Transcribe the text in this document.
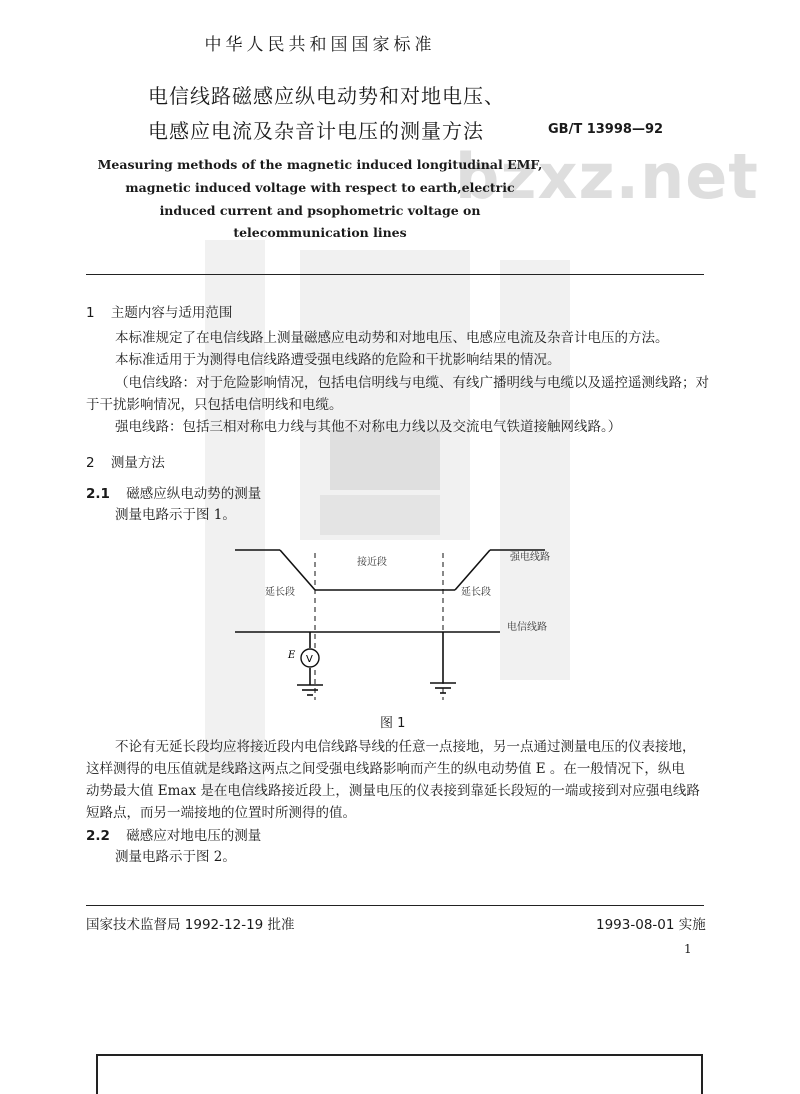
bzxz.net
中华人民共和国国家标准
电信线路磁感应纵电动势和对地电压、
电感应电流及杂音计电压的测量方法	GB/T 13998—92
Measuring methods of the magnetic induced longitudinal EMF,
magnetic induced voltage with respect to earth,electric
induced current and psophometric voltage on
telecommunication lines
1 主题内容与适用范围

本标准规定了在电信线路上测量磁感应电动势和对地电压、电感应电流及杂音计电压的方法。

本标准适用于为测得电信线路遭受强电线路的危险和干扰影响结果的情况。

（电信线路：对于危险影响情况，包括电信明线与电缆、有线广播明线与电缆以及遥控遥测线路；对

于干扰影响情况，只包括电信明线和电缆。

强电线路：包括三相对称电力线与其他不对称电力线以及交流电气铁道接触网线路。）

2 测量方法
2.1 磁感应纵电动势的测量

测量电路示于图 1。

V
E
接近段	强电线路
延长段	延长段
电信线路
图 1

不论有无延长段均应将接近段内电信线路导线的任意一点接地，另一点通过测量电压的仪表接地，

这样测得的电压值就是线路这两点之间受强电线路影响而产生的纵电动势值 E 。在一般情况下，纵电

动势最大值 Emax 是在电信线路接近段上，测量电压的仪表接到靠延长段短的一端或接到对应强电线路

短路点，而另一端接地的位置时所测得的值。

2.2 磁感应对地电压的测量

测量电路示于图 2。

国家技术监督局 1992-12-19 批准	1993-08-01 实施
1
